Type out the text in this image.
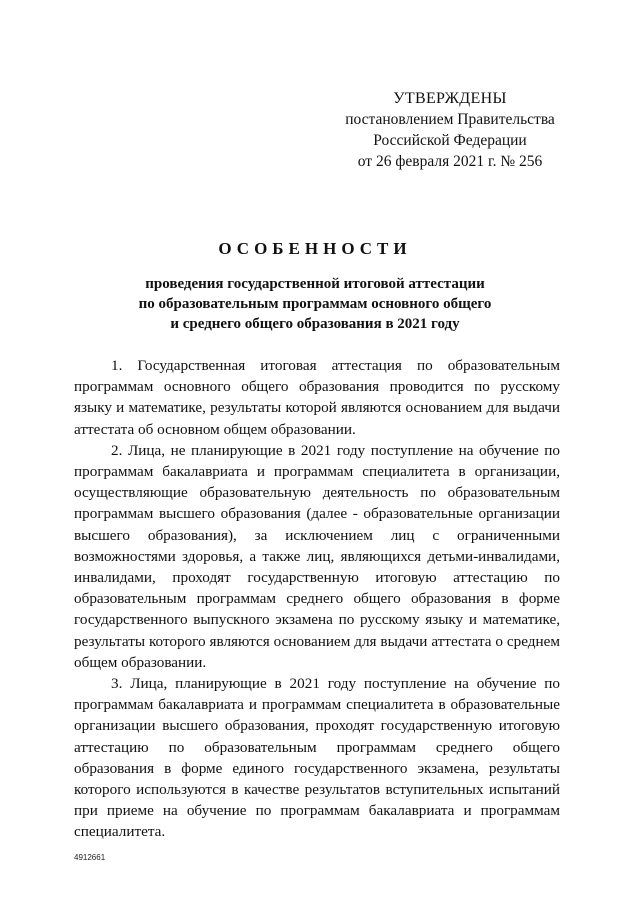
УТВЕРЖДЕНЫ
постановлением Правительства
Российской Федерации
от 26 февраля 2021 г. № 256
ОСОБЕННОСТИ
проведения государственной итоговой аттестации
по образовательным программам основного общего
и среднего общего образования в 2021 году

1. Государственная итоговая аттестация по образовательным программам основного общего образования проводится по русскому языку и математике, результаты которой являются основанием для выдачи аттестата об основном общем образовании.

2. Лица, не планирующие в 2021 году поступление на обучение по программам бакалавриата и программам специалитета в организации, осуществляющие образовательную деятельность по образовательным программам высшего образования (далее - образовательные организации высшего образования), за исключением лиц с ограниченными возможностями здоровья, а также лиц, являющихся детьми-инвалидами, инвалидами, проходят государственную итоговую аттестацию по образовательным программам среднего общего образования в форме государственного выпускного экзамена по русскому языку и математике, результаты которого являются основанием для выдачи аттестата о среднем общем образовании.

3. Лица, планирующие в 2021 году поступление на обучение по программам бакалавриата и программам специалитета в образовательные организации высшего образования, проходят государственную итоговую аттестацию по образовательным программам среднего общего образования в форме единого государственного экзамена, результаты которого используются в качестве результатов вступительных испытаний при приеме на обучение по программам бакалавриата и программам специалитета.

4912661
